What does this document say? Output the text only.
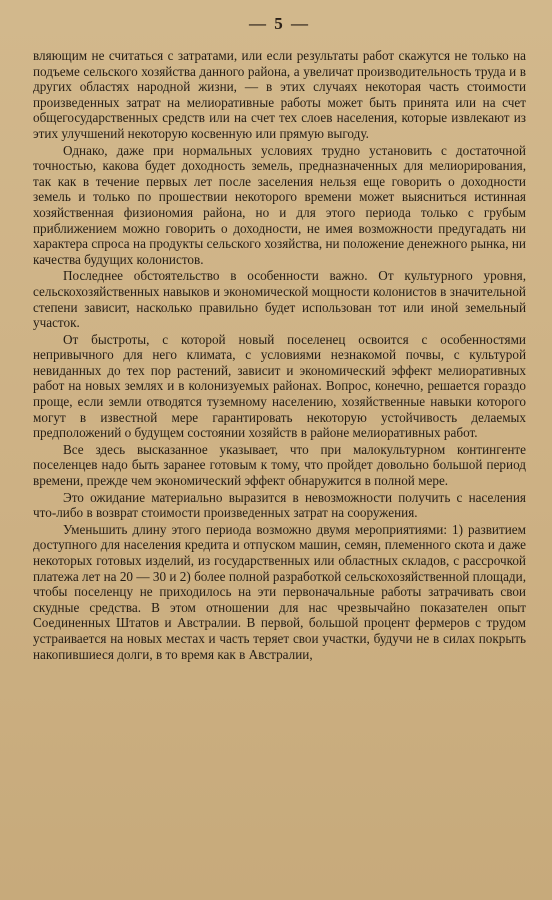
— 5 —

вляющим не считаться с затратами, или если результаты работ скажутся не только на подъеме сельского хозяйства данного района, а увеличат производительность труда и в других областях народной жизни, — в этих случаях некоторая часть стоимости произведенных затрат на мелиоративные работы может быть принята или на счет общегосударственных средств или на счет тех слоев населения, которые извлекают из этих улучшений некоторую косвенную или прямую выгоду.

Однако, даже при нормальных условиях трудно установить с достаточной точностью, какова будет доходность земель, предназначенных для мелиорирования, так как в течение первых лет после заселения нельзя еще говорить о доходности земель и только по прошествии некоторого времени может выясниться истинная хозяйственная физиономия района, но и для этого периода только с грубым приближением можно говорить о доходности, не имея возможности предугадать ни характера спроса на продукты сельского хозяйства, ни положение денежного рынка, ни качества будущих колонистов.

Последнее обстоятельство в особенности важно. От культурного уровня, сельскохозяйственных навыков и экономической мощности колонистов в значительной степени зависит, насколько правильно будет использован тот или иной земельный участок.

От быстроты, с которой новый поселенец освоится с особенностями непривычного для него климата, с условиями незнакомой почвы, с культурой невиданных до тех пор растений, зависит и экономический эффект мелиоративных работ на новых землях и в колонизуемых районах. Вопрос, конечно, решается гораздо проще, если земли отводятся туземному населению, хозяйственные навыки которого могут в известной мере гарантировать некоторую устойчивость делаемых предположений о будущем состоянии хозяйств в районе мелиоративных работ.

Все здесь высказанное указывает, что при малокультурном контингенте поселенцев надо быть заранее готовым к тому, что пройдет довольно большой период времени, прежде чем экономический эффект обнаружится в полной мере.

Это ожидание материально выразится в невозможности получить с населения что-либо в возврат стоимости произведенных затрат на сооружения.

Уменьшить длину этого периода возможно двумя мероприятиями: 1) развитием доступного для населения кредита и отпуском машин, семян, племенного скота и даже некоторых готовых изделий, из государственных или областных складов, с рассрочкой платежа лет на 20 — 30 и 2) более полной разработкой сельскохозяйственной площади, чтобы поселенцу не приходилось на эти первоначальные работы затрачивать свои скудные средства. В этом отношении для нас чрезвычайно показателен опыт Соединенных Штатов и Австралии. В первой, большой процент фермеров с трудом устраивается на новых местах и часть теряет свои участки, будучи не в силах покрыть накопившиеся долги, в то время как в Австралии,
